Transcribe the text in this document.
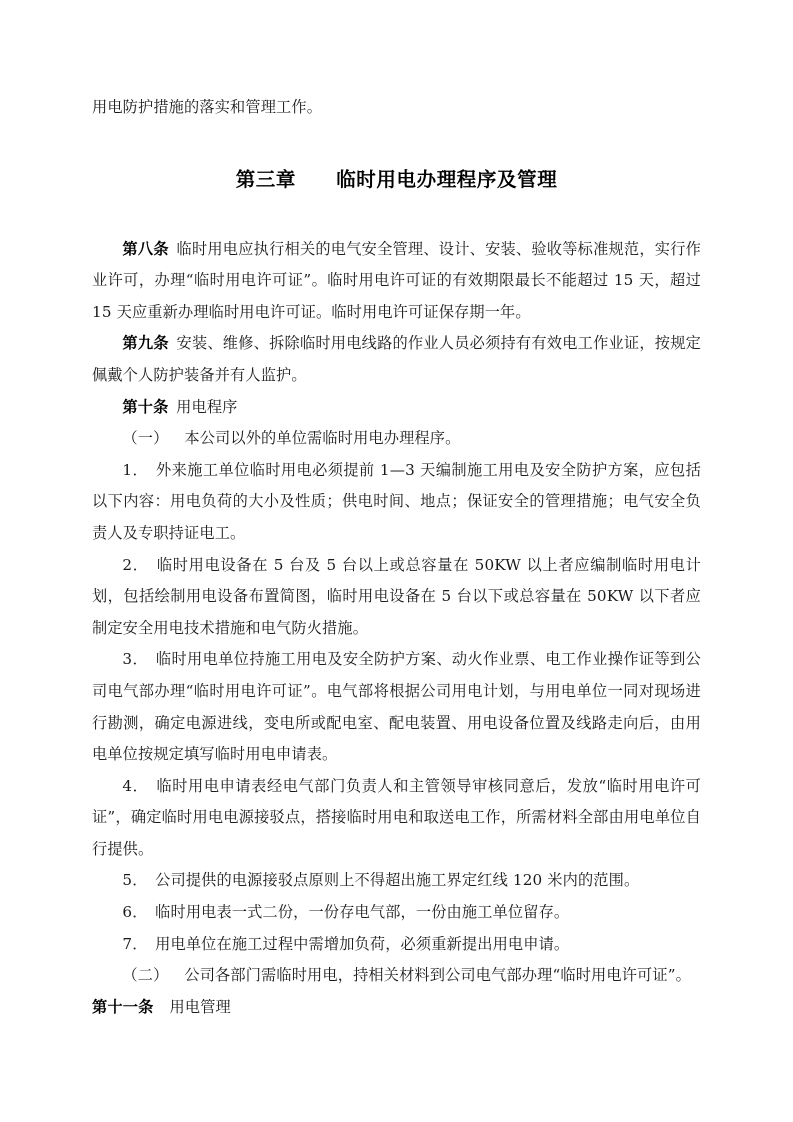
用电防护措施的落实和管理工作。

第三章　　临时用电办理程序及管理

第八条 临时用电应执行相关的电气安全管理、设计、安装、验收等标准规范，实行作业许可，办理“临时用电许可证”。临时用电许可证的有效期限最长不能超过 15 天，超过 15 天应重新办理临时用电许可证。临时用电许可证保存期一年。

第九条 安装、维修、拆除临时用电线路的作业人员必须持有有效电工作业证，按规定佩戴个人防护装备并有人监护。

第十条 用电程序

（一） 本公司以外的单位需临时用电办理程序。

1． 外来施工单位临时用电必须提前 1—3 天编制施工用电及安全防护方案，应包括以下内容：用电负荷的大小及性质；供电时间、地点；保证安全的管理措施；电气安全负责人及专职持证电工。

2． 临时用电设备在 5 台及 5 台以上或总容量在 50KW 以上者应编制临时用电计划，包括绘制用电设备布置简图，临时用电设备在 5 台以下或总容量在 50KW 以下者应制定安全用电技术措施和电气防火措施。

3． 临时用电单位持施工用电及安全防护方案、动火作业票、电工作业操作证等到公司电气部办理“临时用电许可证”。电气部将根据公司用电计划，与用电单位一同对现场进行勘测，确定电源进线，变电所或配电室、配电装置、用电设备位置及线路走向后，由用电单位按规定填写临时用电申请表。

4． 临时用电申请表经电气部门负责人和主管领导审核同意后，发放“临时用电许可证”，确定临时用电电源接驳点，搭接临时用电和取送电工作，所需材料全部由用电单位自行提供。

5． 公司提供的电源接驳点原则上不得超出施工界定红线 120 米内的范围。

6． 临时用电表一式二份，一份存电气部，一份由施工单位留存。

7． 用电单位在施工过程中需增加负荷，必须重新提出用电申请。

（二） 公司各部门需临时用电，持相关材料到公司电气部办理“临时用电许可证”。

第十一条 用电管理
